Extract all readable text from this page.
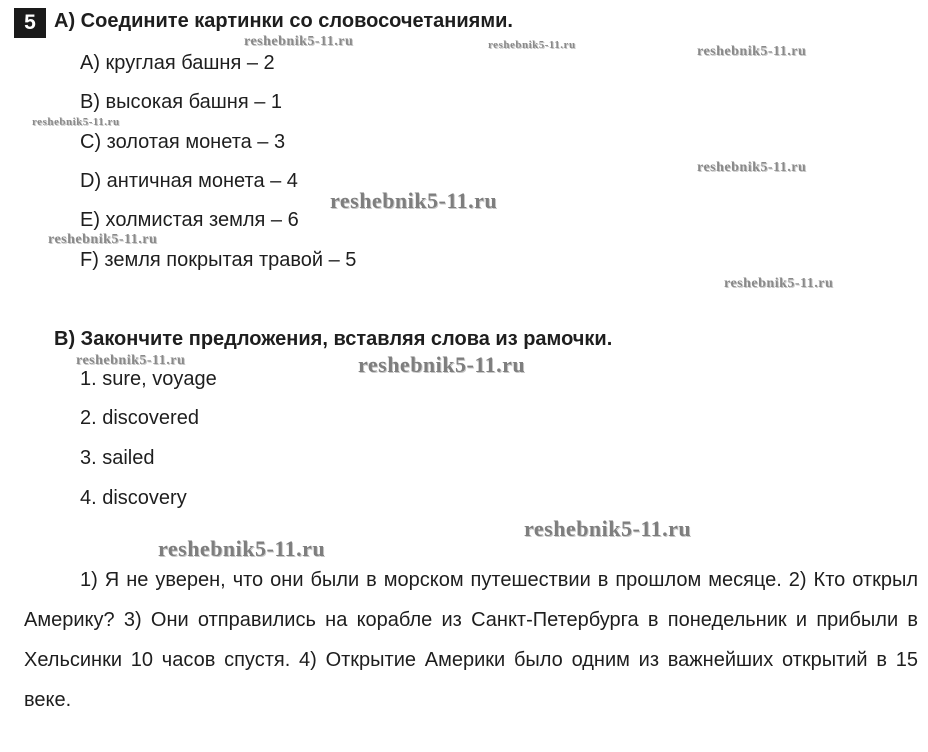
5 A) Соедините картинки со словосочетаниями.
A) круглая башня – 2
B) высокая башня – 1
C) золотая монета – 3
D) античная монета – 4
E) холмистая земля – 6
F) земля покрытая травой – 5
B) Закончите предложения, вставляя слова из рамочки.
1. sure, voyage
2. discovered
3. sailed
4. discovery
1) Я не уверен, что они были в морском путешествии в прошлом месяце. 2) Кто открыл Америку? 3) Они отправились на корабле из Санкт-Петербурга в понедельник и прибыли в Хельсинки 10 часов спустя. 4) Открытие Америки было одним из важнейших открытий в 15 веке.
reshebnik5-11.ru	reshebnik5-11.ru	reshebnik5-11.ru
reshebnik5-11.ru
reshebnik5-11.ru
reshebnik5-11.ru
reshebnik5-11.ru
reshebnik5-11.ru
reshebnik5-11.ru	reshebnik5-11.ru
reshebnik5-11.ru
reshebnik5-11.ru
